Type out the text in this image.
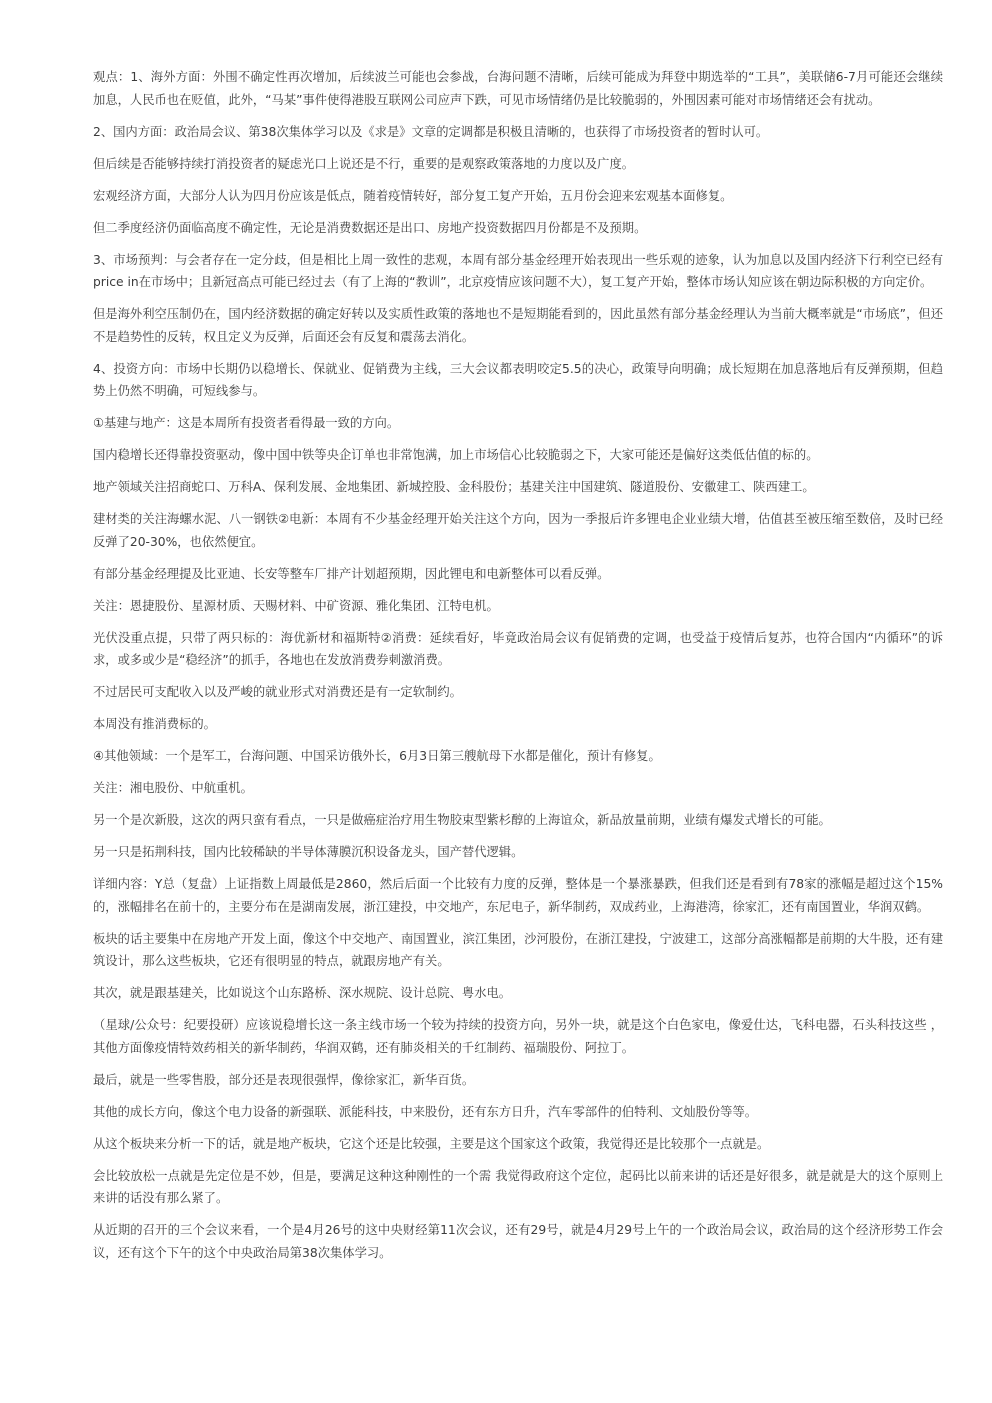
观点：1、海外方面：外围不确定性再次增加，后续波兰可能也会参战，台海问题不清晰，后续可能成为拜登中期选举的“工具”，美联储6-7月可能还会继续加息，人民币也在贬值，此外，“马某”事件使得港股互联网公司应声下跌，可见市场情绪仍是比较脆弱的，外围因素可能对市场情绪还会有扰动。

2、国内方面：政治局会议、第38次集体学习以及《求是》文章的定调都是积极且清晰的，也获得了市场投资者的暂时认可。

但后续是否能够持续打消投资者的疑虑光口上说还是不行，重要的是观察政策落地的力度以及广度。

宏观经济方面，大部分人认为四月份应该是低点，随着疫情转好，部分复工复产开始，五月份会迎来宏观基本面修复。

但二季度经济仍面临高度不确定性，无论是消费数据还是出口、房地产投资数据四月份都是不及预期。

3、市场预判：与会者存在一定分歧，但是相比上周一致性的悲观，本周有部分基金经理开始表现出一些乐观的迹象，认为加息以及国内经济下行利空已经有price in在市场中；且新冠高点可能已经过去（有了上海的“教训”，北京疫情应该问题不大），复工复产开始，整体市场认知应该在朝边际积极的方向定价。

但是海外利空压制仍在，国内经济数据的确定好转以及实质性政策的落地也不是短期能看到的，因此虽然有部分基金经理认为当前大概率就是“市场底”，但还不是趋势性的反转，权且定义为反弹，后面还会有反复和震荡去消化。

4、投资方向：市场中长期仍以稳增长、保就业、促销费为主线，三大会议都表明咬定5.5的决心，政策导向明确；成长短期在加息落地后有反弹预期，但趋势上仍然不明确，可短线参与。

①基建与地产：这是本周所有投资者看得最一致的方向。

国内稳增长还得靠投资驱动，像中国中铁等央企订单也非常饱满，加上市场信心比较脆弱之下，大家可能还是偏好这类低估值的标的。

地产领域关注招商蛇口、万科A、保利发展、金地集团、新城控股、金科股份；基建关注中国建筑、隧道股份、安徽建工、陕西建工。

建材类的关注海螺水泥、八一钢铁②电新：本周有不少基金经理开始关注这个方向，因为一季报后许多锂电企业业绩大增，估值甚至被压缩至数倍，及时已经反弹了20-30%，也依然便宜。

有部分基金经理提及比亚迪、长安等整车厂排产计划超预期，因此锂电和电新整体可以看反弹。

关注：恩捷股份、星源材质、天赐材料、中矿资源、雅化集团、江特电机。

光伏没重点提，只带了两只标的：海优新材和福斯特②消费：延续看好，毕竟政治局会议有促销费的定调，也受益于疫情后复苏，也符合国内“内循环”的诉求，或多或少是“稳经济”的抓手，各地也在发放消费券刺激消费。

不过居民可支配收入以及严峻的就业形式对消费还是有一定软制约。

本周没有推消费标的。

④其他领域：一个是军工，台海问题、中国采访俄外长，6月3日第三艘航母下水都是催化，预计有修复。

关注：湘电股份、中航重机。

另一个是次新股，这次的两只蛮有看点，一只是做癌症治疗用生物胶束型紫杉醇的上海谊众，新品放量前期，业绩有爆发式增长的可能。

另一只是拓荆科技，国内比较稀缺的半导体薄膜沉积设备龙头，国产替代逻辑。

详细内容：Y总（复盘）上证指数上周最低是2860，然后后面一个比较有力度的反弹，整体是一个暴涨暴跌，但我们还是看到有78家的涨幅是超过这个15%的，涨幅排名在前十的，主要分布在是湖南发展，浙江建投，中交地产，东尼电子，新华制药，双成药业，上海港湾，徐家汇，还有南国置业，华润双鹤。

板块的话主要集中在房地产开发上面，像这个中交地产、南国置业，滨江集团，沙河股份，在浙江建投，宁波建工，这部分高涨幅都是前期的大牛股，还有建筑设计，那么这些板块，它还有很明显的特点，就跟房地产有关。

其次，就是跟基建关，比如说这个山东路桥、深水规院、设计总院、粤水电。

（星球/公众号：纪要投研）应该说稳增长这一条主线市场一个较为持续的投资方向，另外一块，就是这个白色家电，像爱仕达，飞科电器，石头科技这些 ，其他方面像疫情特效药相关的新华制药，华润双鹤，还有肺炎相关的千红制药、福瑞股份、阿拉丁。

最后，就是一些零售股，部分还是表现很强悍，像徐家汇，新华百货。

其他的成长方向，像这个电力设备的新强联、派能科技，中来股份，还有东方日升，汽车零部件的伯特利、文灿股份等等。

从这个板块来分析一下的话，就是地产板块，它这个还是比较强，主要是这个国家这个政策，我觉得还是比较那个一点就是。

会比较放松一点就是先定位是不妙，但是，要满足这种这种刚性的一个需 我觉得政府这个定位，起码比以前来讲的话还是好很多，就是就是大的这个原则上来讲的话没有那么紧了。

从近期的召开的三个会议来看，一个是4月26号的这中央财经第11次会议，还有29号，就是4月29号上午的一个政治局会议，政治局的这个经济形势工作会议，还有这个下午的这个中央政治局第38次集体学习。
